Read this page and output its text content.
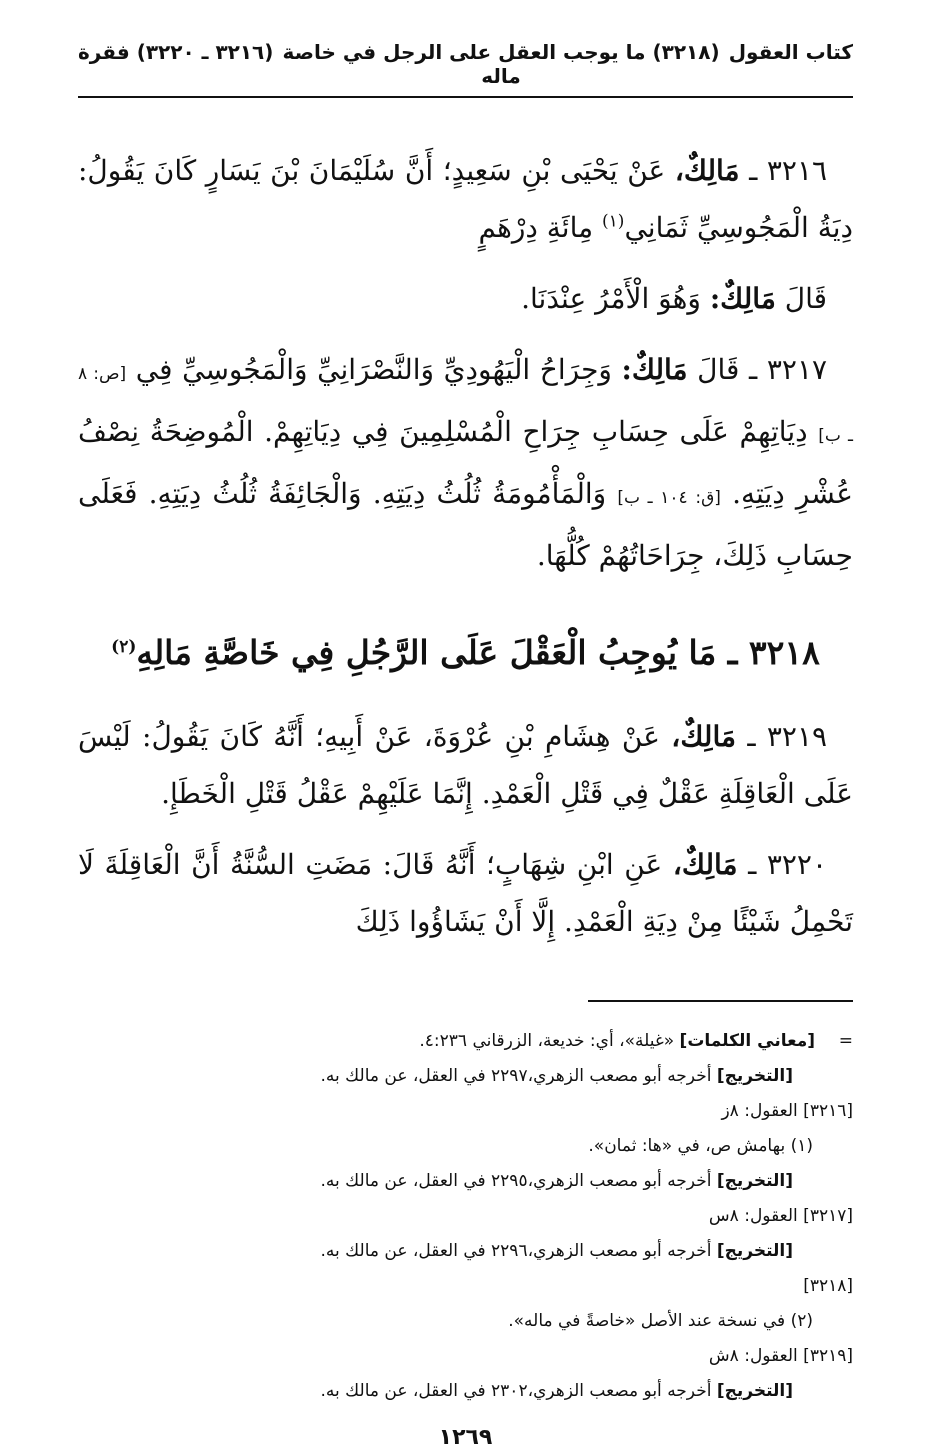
كتاب العقول
(٣٢١٨) ما يوجب العقل على الرجل في خاصة ماله
(٣٢١٦ ـ ٣٢٢٠) فقرة

٣٢١٦ ـ مَالِكٌ، عَنْ يَحْيَى بْنِ سَعِيدٍ؛ أَنَّ سُلَيْمَانَ بْنَ يَسَارٍ كَانَ يَقُولُ: دِيَةُ الْمَجُوسِيِّ ثَمَانِي$^{(١)}$ مِائَةِ دِرْهَمٍ

قَالَ مَالِكٌ: وَهُوَ الْأَمْرُ عِنْدَنَا.

٣٢١٧ ـ قَالَ مَالِكٌ: وَجِرَاحُ الْيَهُودِيِّ وَالنَّصْرَانِيِّ وَالْمَجُوسِيِّ فِي [ص: ٨ ـ ب] دِيَاتِهِمْ عَلَى حِسَابِ جِرَاحِ الْمُسْلِمِينَ فِي دِيَاتِهِمْ. الْمُوضِحَةُ نِصْفُ عُشْرِ دِيَتِهِ. [ق: ١٠٤ ـ ب] وَالْمَأْمُومَةُ ثُلُثُ دِيَتِهِ. وَالْجَائِفَةُ ثُلُثُ دِيَتِهِ. فَعَلَى حِسَابِ ذَلِكَ، جِرَاحَاتُهُمْ كُلُّهَا.

٣٢١٨ ـ مَا يُوجِبُ الْعَقْلَ عَلَى الرَّجُلِ فِي خَاصَّةِ مَالِهِ$^{(٢)}$

٣٢١٩ ـ مَالِكٌ، عَنْ هِشَامِ بْنِ عُرْوَةَ، عَنْ أَبِيهِ؛ أَنَّهُ كَانَ يَقُولُ: لَيْسَ عَلَى الْعَاقِلَةِ عَقْلٌ فِي قَتْلِ الْعَمْدِ. إِنَّمَا عَلَيْهِمْ عَقْلُ قَتْلِ الْخَطَإِ.

٣٢٢٠ ـ مَالِكٌ، عَنِ ابْنِ شِهَابٍ؛ أَنَّهُ قَالَ: مَضَتِ السُّنَّةُ أَنَّ الْعَاقِلَةَ لَا تَحْمِلُ شَيْئًا مِنْ دِيَةِ الْعَمْدِ. إِلَّا أَنْ يَشَاؤُوا ذَلِكَ

=[معاني الكلمات] «غيلة»، أي: خديعة، الزرقاني ٤:٢٣٦.

[التخريج] أخرجه أبو مصعب الزهري،٢٢٩٧ في العقل، عن مالك به.

[٣٢١٦] العقول: ٨ز

(١) بهامش ص، في «ها: ثمان».

[التخريج] أخرجه أبو مصعب الزهري،٢٢٩٥ في العقل، عن مالك به.

[٣٢١٧] العقول: ٨س

[التخريج] أخرجه أبو مصعب الزهري،٢٢٩٦ في العقل، عن مالك به.

[٣٢١٨]

(٢) في نسخة عند الأصل «خاصةً في ماله».

[٣٢١٩] العقول: ٨ش

[التخريج] أخرجه أبو مصعب الزهري،٢٣٠٢ في العقل، عن مالك به.

١٢٦٩
